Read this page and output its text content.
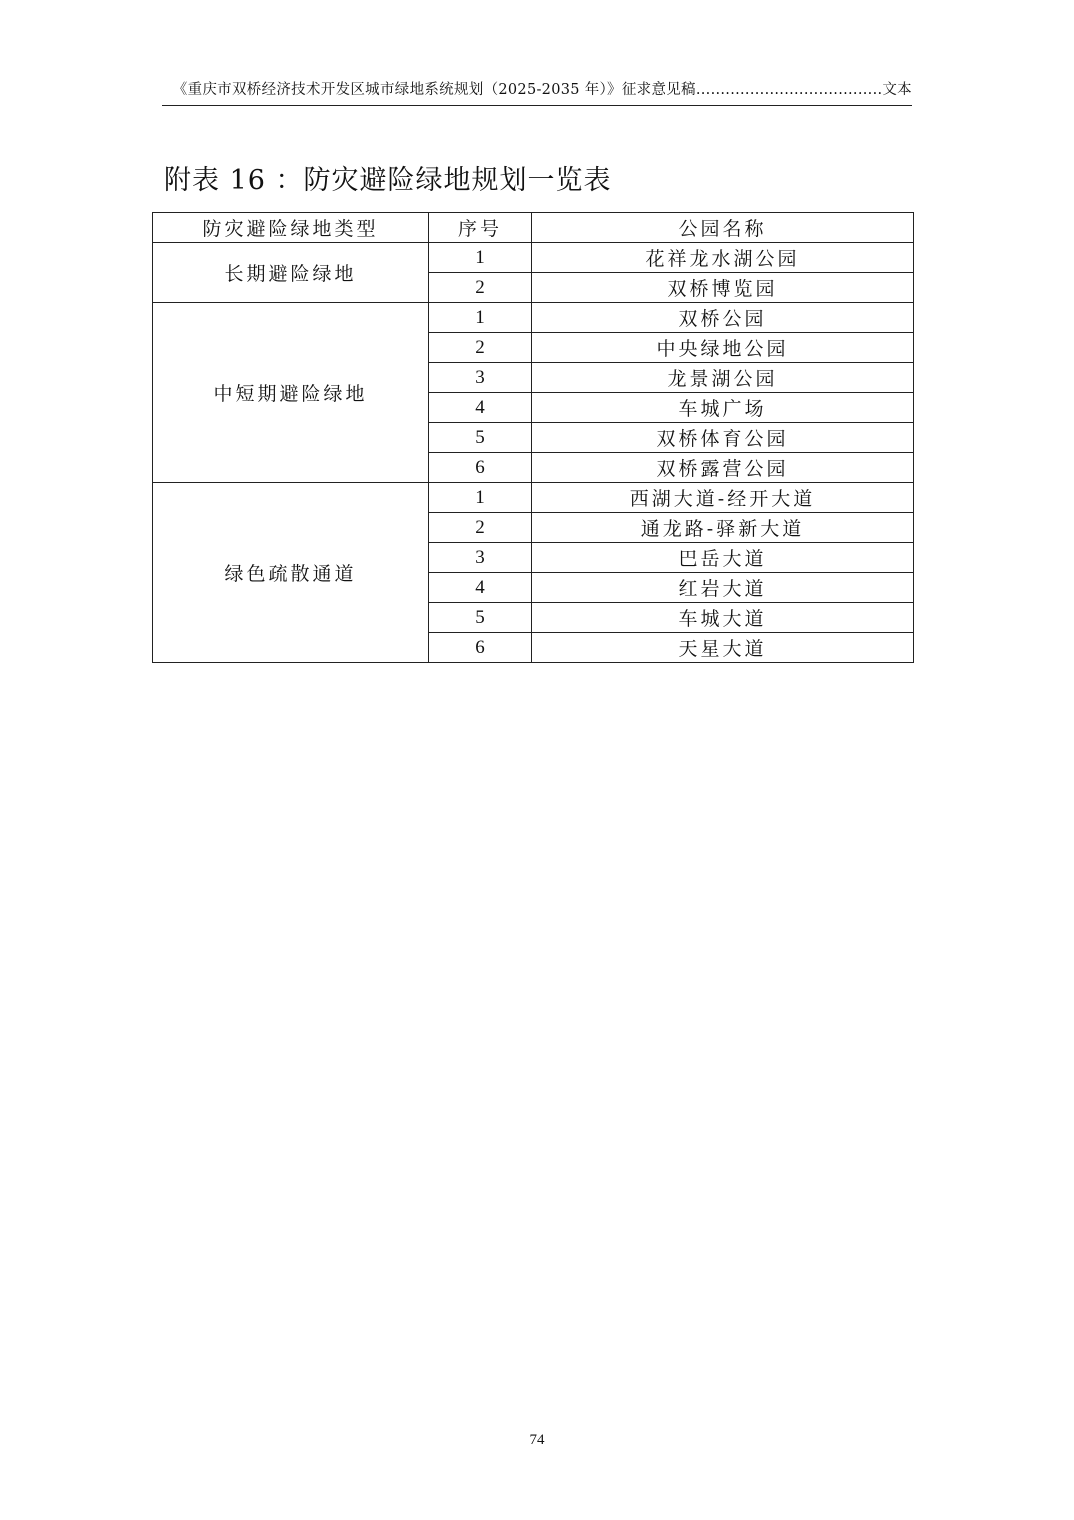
《重庆市双桥经济技术开发区城市绿地系统规划（2025-2035 年）》征求意见稿......................................文本
附表 16 ：防灾避险绿地规划一览表
防灾避险绿地类型	序号	公园名称
长期避险绿地	1	花祥龙水湖公园
	2	双桥博览园
中短期避险绿地	1	双桥公园
	2	中央绿地公园
	3	龙景湖公园
	4	车城广场
	5	双桥体育公园
	6	双桥露营公园
绿色疏散通道	1	西湖大道-经开大道
	2	通龙路-驿新大道
	3	巴岳大道
	4	红岩大道
	5	车城大道
	6	天星大道
74
